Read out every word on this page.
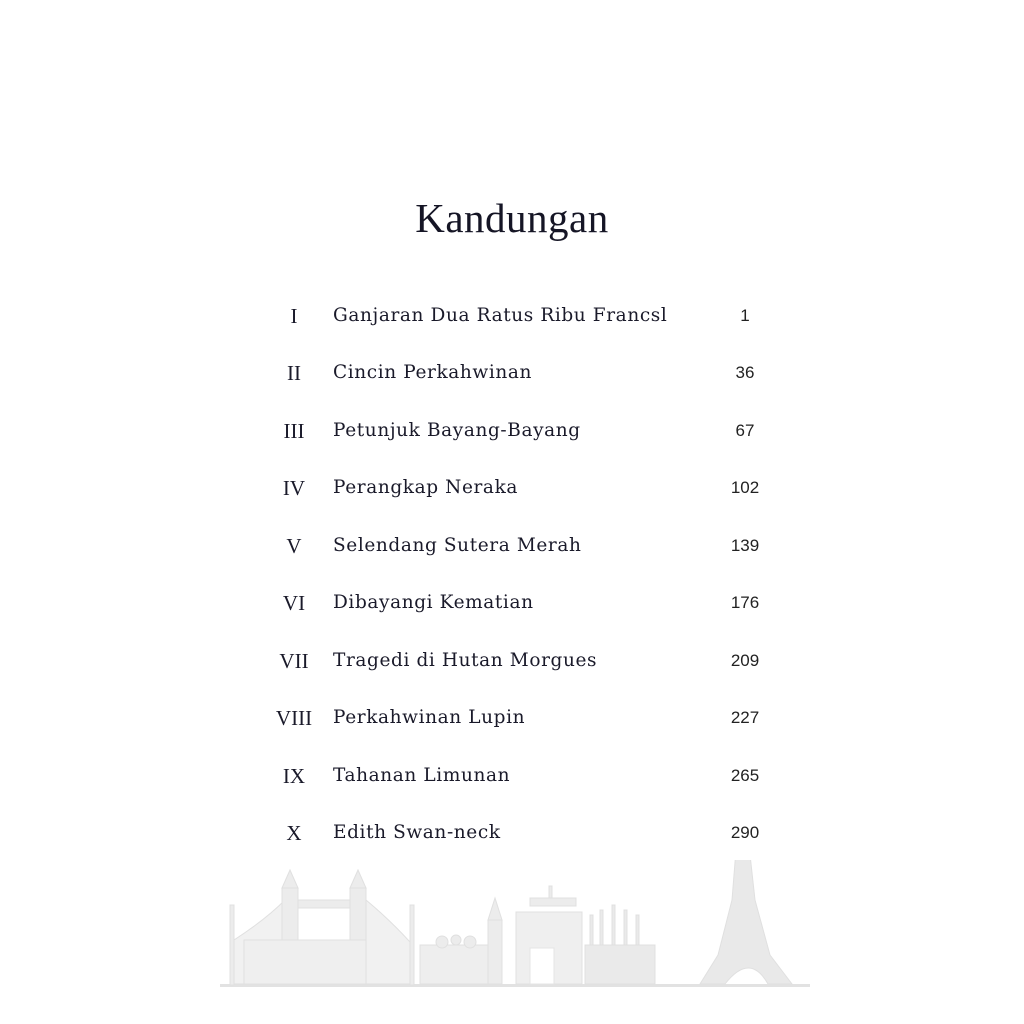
Kandungan
I	Ganjaran Dua Ratus Ribu Francsl	1
II	Cincin Perkahwinan	36
III	Petunjuk Bayang-Bayang	67
IV	Perangkap Neraka	102
V	Selendang Sutera Merah	139
VI	Dibayangi Kematian	176
VII	Tragedi di Hutan Morgues	209
VIII	Perkahwinan Lupin	227
IX	Tahanan Limunan	265
X	Edith Swan-neck	290
